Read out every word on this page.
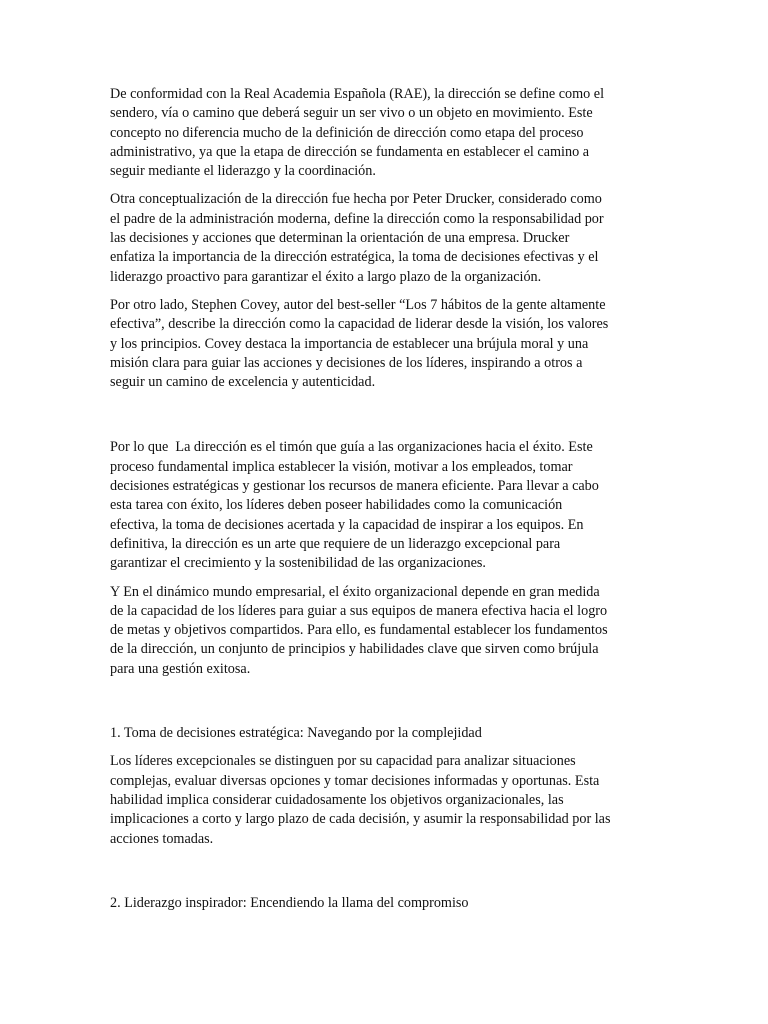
De conformidad con la Real Academia Española (RAE), la dirección se define como el
sendero, vía o camino que deberá seguir un ser vivo o un objeto en movimiento. Este
concepto no diferencia mucho de la definición de dirección como etapa del proceso
administrativo, ya que la etapa de dirección se fundamenta en establecer el camino a
seguir mediante el liderazgo y la coordinación.

Otra conceptualización de la dirección fue hecha por Peter Drucker, considerado como
el padre de la administración moderna, define la dirección como la responsabilidad por
las decisiones y acciones que determinan la orientación de una empresa. Drucker
enfatiza la importancia de la dirección estratégica, la toma de decisiones efectivas y el
liderazgo proactivo para garantizar el éxito a largo plazo de la organización.

Por otro lado, Stephen Covey, autor del best-seller “Los 7 hábitos de la gente altamente
efectiva”, describe la dirección como la capacidad de liderar desde la visión, los valores
y los principios. Covey destaca la importancia de establecer una brújula moral y una
misión clara para guiar las acciones y decisiones de los líderes, inspirando a otros a
seguir un camino de excelencia y autenticidad.

Por lo que  La dirección es el timón que guía a las organizaciones hacia el éxito. Este
proceso fundamental implica establecer la visión, motivar a los empleados, tomar
decisiones estratégicas y gestionar los recursos de manera eficiente. Para llevar a cabo
esta tarea con éxito, los líderes deben poseer habilidades como la comunicación
efectiva, la toma de decisiones acertada y la capacidad de inspirar a los equipos. En
definitiva, la dirección es un arte que requiere de un liderazgo excepcional para
garantizar el crecimiento y la sostenibilidad de las organizaciones.

Y En el dinámico mundo empresarial, el éxito organizacional depende en gran medida
de la capacidad de los líderes para guiar a sus equipos de manera efectiva hacia el logro
de metas y objetivos compartidos. Para ello, es fundamental establecer los fundamentos
de la dirección, un conjunto de principios y habilidades clave que sirven como brújula
para una gestión exitosa.

1. Toma de decisiones estratégica: Navegando por la complejidad

Los líderes excepcionales se distinguen por su capacidad para analizar situaciones
complejas, evaluar diversas opciones y tomar decisiones informadas y oportunas. Esta
habilidad implica considerar cuidadosamente los objetivos organizacionales, las
implicaciones a corto y largo plazo de cada decisión, y asumir la responsabilidad por las
acciones tomadas.

2. Liderazgo inspirador: Encendiendo la llama del compromiso
